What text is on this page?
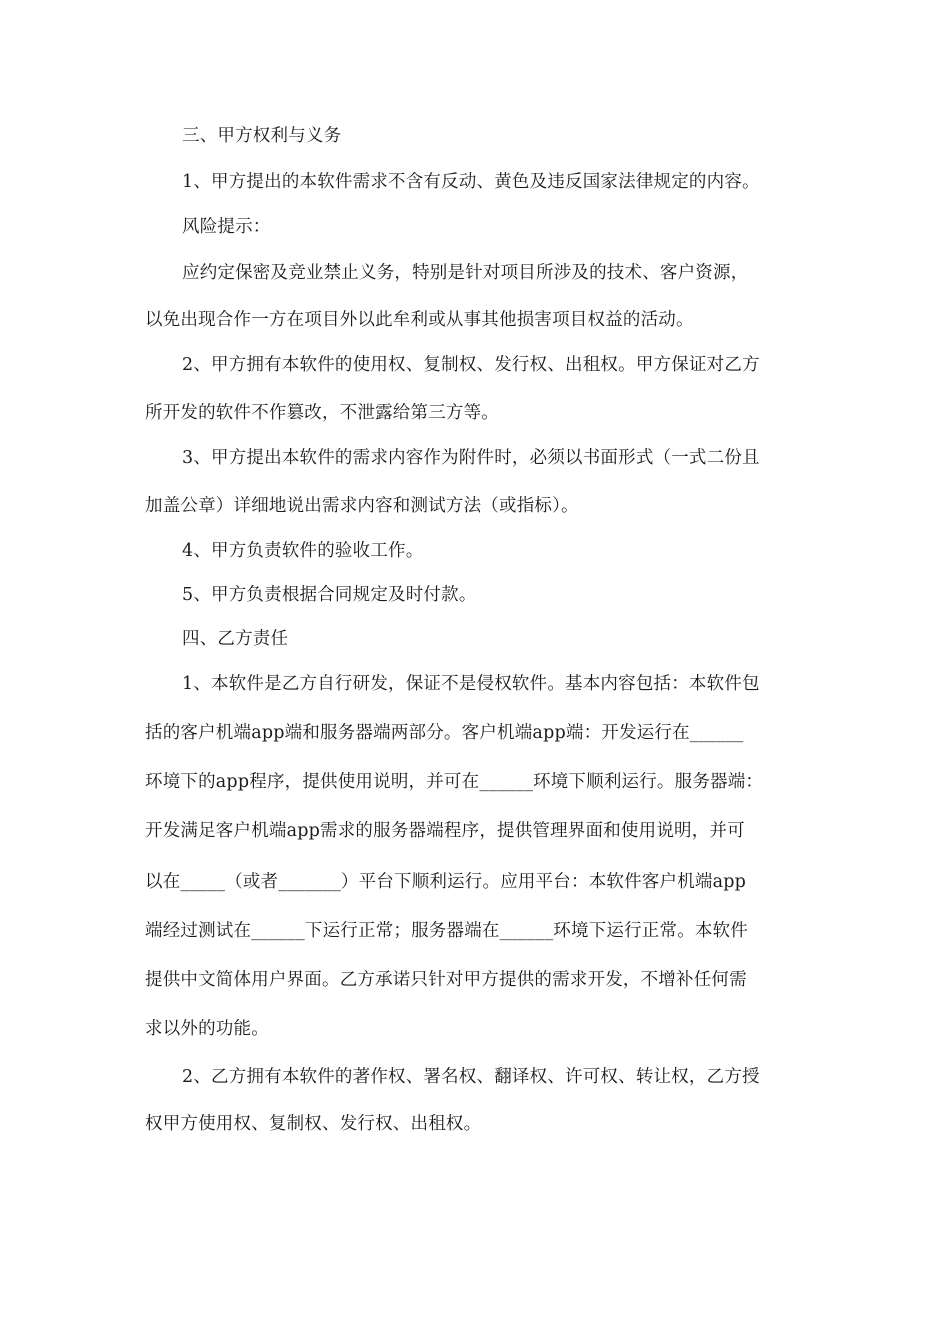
三、甲方权利与义务
1、甲方提出的本软件需求不含有反动、黄色及违反国家法律规定的内容。
风险提示：
应约定保密及竞业禁止义务，特别是针对项目所涉及的技术、客户资源，
以免出现合作一方在项目外以此牟利或从事其他损害项目权益的活动。
2、甲方拥有本软件的使用权、复制权、发行权、出租权。甲方保证对乙方
所开发的软件不作篡改，不泄露给第三方等。
3、甲方提出本软件的需求内容作为附件时，必须以书面形式（一式二份且
加盖公章）详细地说出需求内容和测试方法（或指标）。
4、甲方负责软件的验收工作。
5、甲方负责根据合同规定及时付款。
四、乙方责任
1、本软件是乙方自行研发，保证不是侵权软件。基本内容包括：本软件包
括的客户机端app端和服务器端两部分。客户机端app端：开发运行在______
环境下的app程序，提供使用说明，并可在______环境下顺利运行。服务器端：
开发满足客户机端app需求的服务器端程序，提供管理界面和使用说明，并可
以在_____（或者_______）平台下顺利运行。应用平台：本软件客户机端app
端经过测试在______下运行正常；服务器端在______环境下运行正常。本软件
提供中文简体用户界面。乙方承诺只针对甲方提供的需求开发，不增补任何需
求以外的功能。
2、乙方拥有本软件的著作权、署名权、翻译权、许可权、转让权，乙方授
权甲方使用权、复制权、发行权、出租权。
